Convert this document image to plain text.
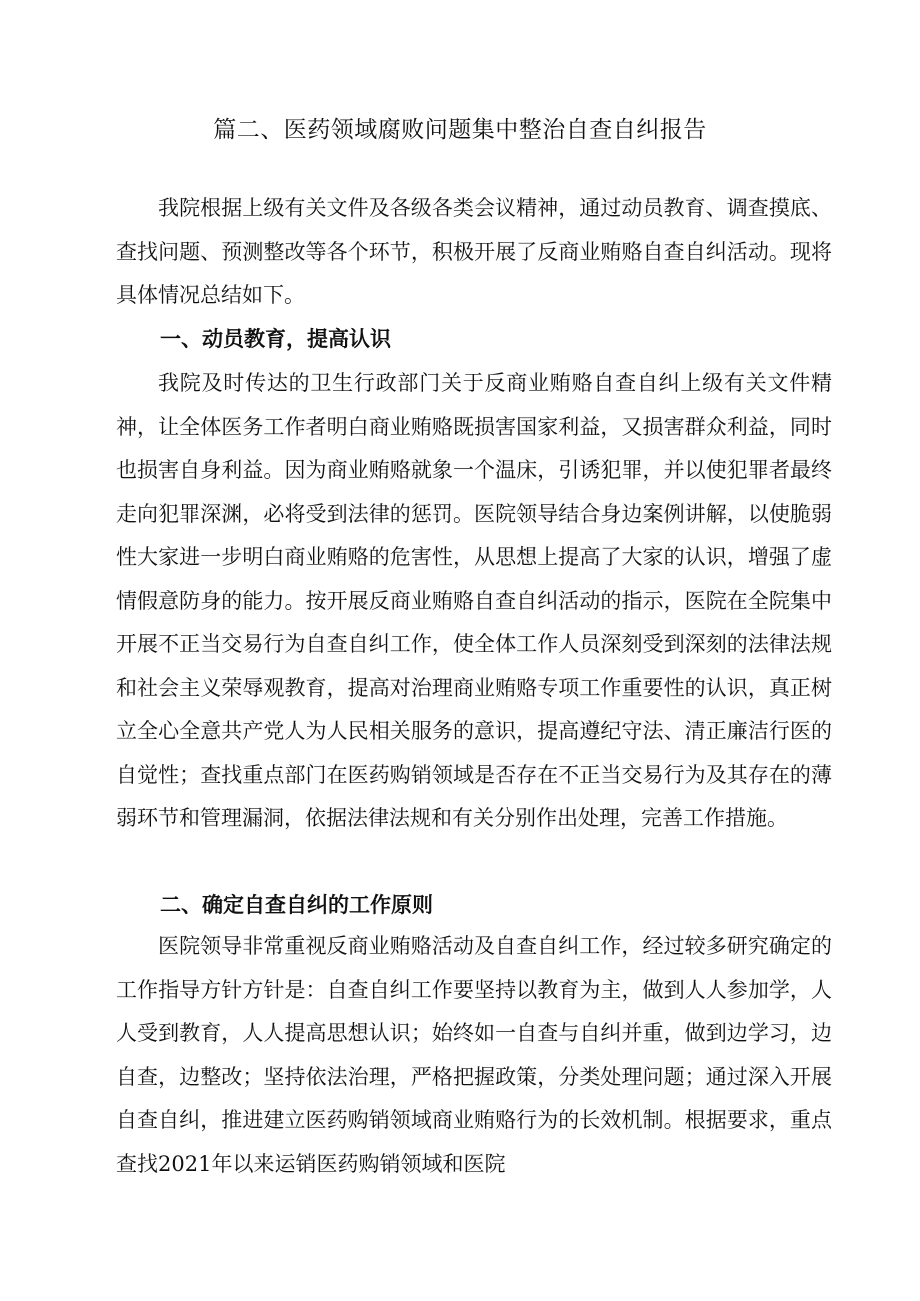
篇二、医药领域腐败问题集中整治自查自纠报告

我院根据上级有关文件及各级各类会议精神，通过动员教育、调查摸底、查找问题、预测整改等各个环节，积极开展了反商业贿赂自查自纠活动。现将具体情况总结如下。

一、动员教育，提高认识

我院及时传达的卫生行政部门关于反商业贿赂自查自纠上级有关文件精神，让全体医务工作者明白商业贿赂既损害国家利益，又损害群众利益，同时也损害自身利益。因为商业贿赂就象一个温床，引诱犯罪，并以使犯罪者最终走向犯罪深渊，必将受到法律的惩罚。医院领导结合身边案例讲解，以使脆弱性大家进一步明白商业贿赂的危害性，从思想上提高了大家的认识，增强了虚情假意防身的能力。按开展反商业贿赂自查自纠活动的指示，医院在全院集中开展不正当交易行为自查自纠工作，使全体工作人员深刻受到深刻的法律法规和社会主义荣辱观教育，提高对治理商业贿赂专项工作重要性的认识，真正树立全心全意共产党人为人民相关服务的意识，提高遵纪守法、清正廉洁行医的自觉性；查找重点部门在医药购销领域是否存在不正当交易行为及其存在的薄弱环节和管理漏洞，依据法律法规和有关分别作出处理，完善工作措施。

二、确定自查自纠的工作原则

医院领导非常重视反商业贿赂活动及自查自纠工作，经过较多研究确定的工作指导方针方针是：自查自纠工作要坚持以教育为主，做到人人参加学，人人受到教育，人人提高思想认识；始终如一自查与自纠并重，做到边学习，边自查，边整改；坚持依法治理，严格把握政策，分类处理问题；通过深入开展自查自纠，推进建立医药购销领域商业贿赂行为的长效机制。根据要求，重点查找2021年以来运销医药购销领域和医院
